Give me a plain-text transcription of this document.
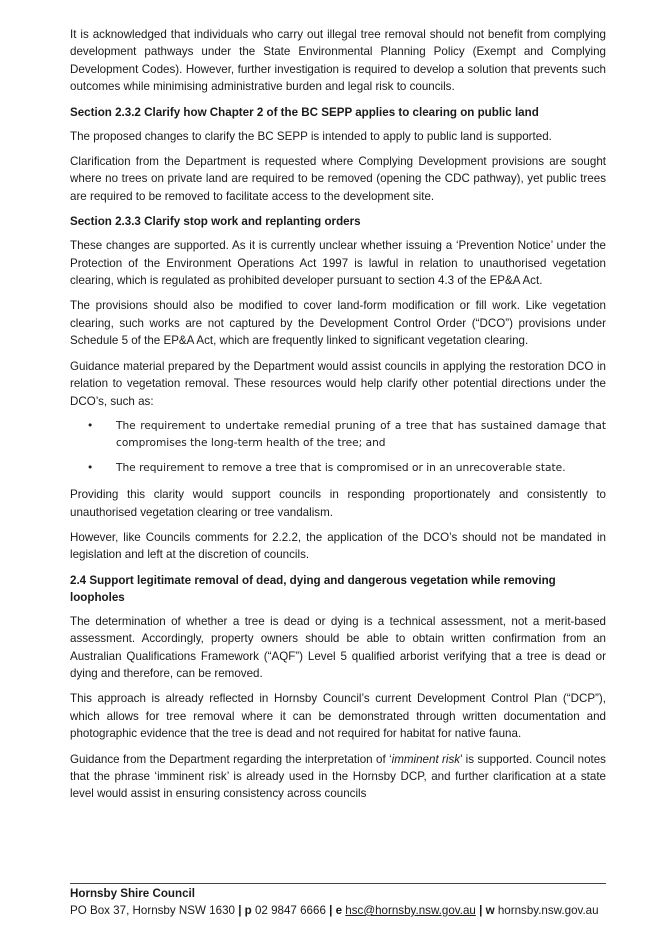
It is acknowledged that individuals who carry out illegal tree removal should not benefit from complying development pathways under the State Environmental Planning Policy (Exempt and Complying Development Codes). However, further investigation is required to develop a solution that prevents such outcomes while minimising administrative burden and legal risk to councils.

Section 2.3.2 Clarify how Chapter 2 of the BC SEPP applies to clearing on public land

The proposed changes to clarify the BC SEPP is intended to apply to public land is supported.

Clarification from the Department is requested where Complying Development provisions are sought where no trees on private land are required to be removed (opening the CDC pathway), yet public trees are required to be removed to facilitate access to the development site.

Section 2.3.3 Clarify stop work and replanting orders

These changes are supported. As it is currently unclear whether issuing a ‘Prevention Notice’ under the Protection of the Environment Operations Act 1997 is lawful in relation to unauthorised vegetation clearing, which is regulated as prohibited developer pursuant to section 4.3 of the EP&A Act.

The provisions should also be modified to cover land-form modification or fill work. Like vegetation clearing, such works are not captured by the Development Control Order (“DCO”) provisions under Schedule 5 of the EP&A Act, which are frequently linked to significant vegetation clearing.

Guidance material prepared by the Department would assist councils in applying the restoration DCO in relation to vegetation removal. These resources would help clarify other potential directions under the DCO’s, such as:

• The requirement to undertake remedial pruning of a tree that has sustained damage that compromises the long-term health of the tree; and
• The requirement to remove a tree that is compromised or in an unrecoverable state.

Providing this clarity would support councils in responding proportionately and consistently to unauthorised vegetation clearing or tree vandalism.

However, like Councils comments for 2.2.2, the application of the DCO’s should not be mandated in legislation and left at the discretion of councils.

2.4 Support legitimate removal of dead, dying and dangerous vegetation while removing loopholes

The determination of whether a tree is dead or dying is a technical assessment, not a merit-based assessment. Accordingly, property owners should be able to obtain written confirmation from an Australian Qualifications Framework (“AQF”) Level 5 qualified arborist verifying that a tree is dead or dying and therefore, can be removed.

This approach is already reflected in Hornsby Council’s current Development Control Plan (“DCP”), which allows for tree removal where it can be demonstrated through written documentation and photographic evidence that the tree is dead and not required for habitat for native fauna.

Guidance from the Department regarding the interpretation of ‘imminent risk’ is supported. Council notes that the phrase ‘imminent risk’ is already used in the Hornsby DCP, and further clarification at a state level would assist in ensuring consistency across councils

Hornsby Shire Council
PO Box 37, Hornsby NSW 1630 | p 02 9847 6666 | e hsc@hornsby.nsw.gov.au | w hornsby.nsw.gov.au
